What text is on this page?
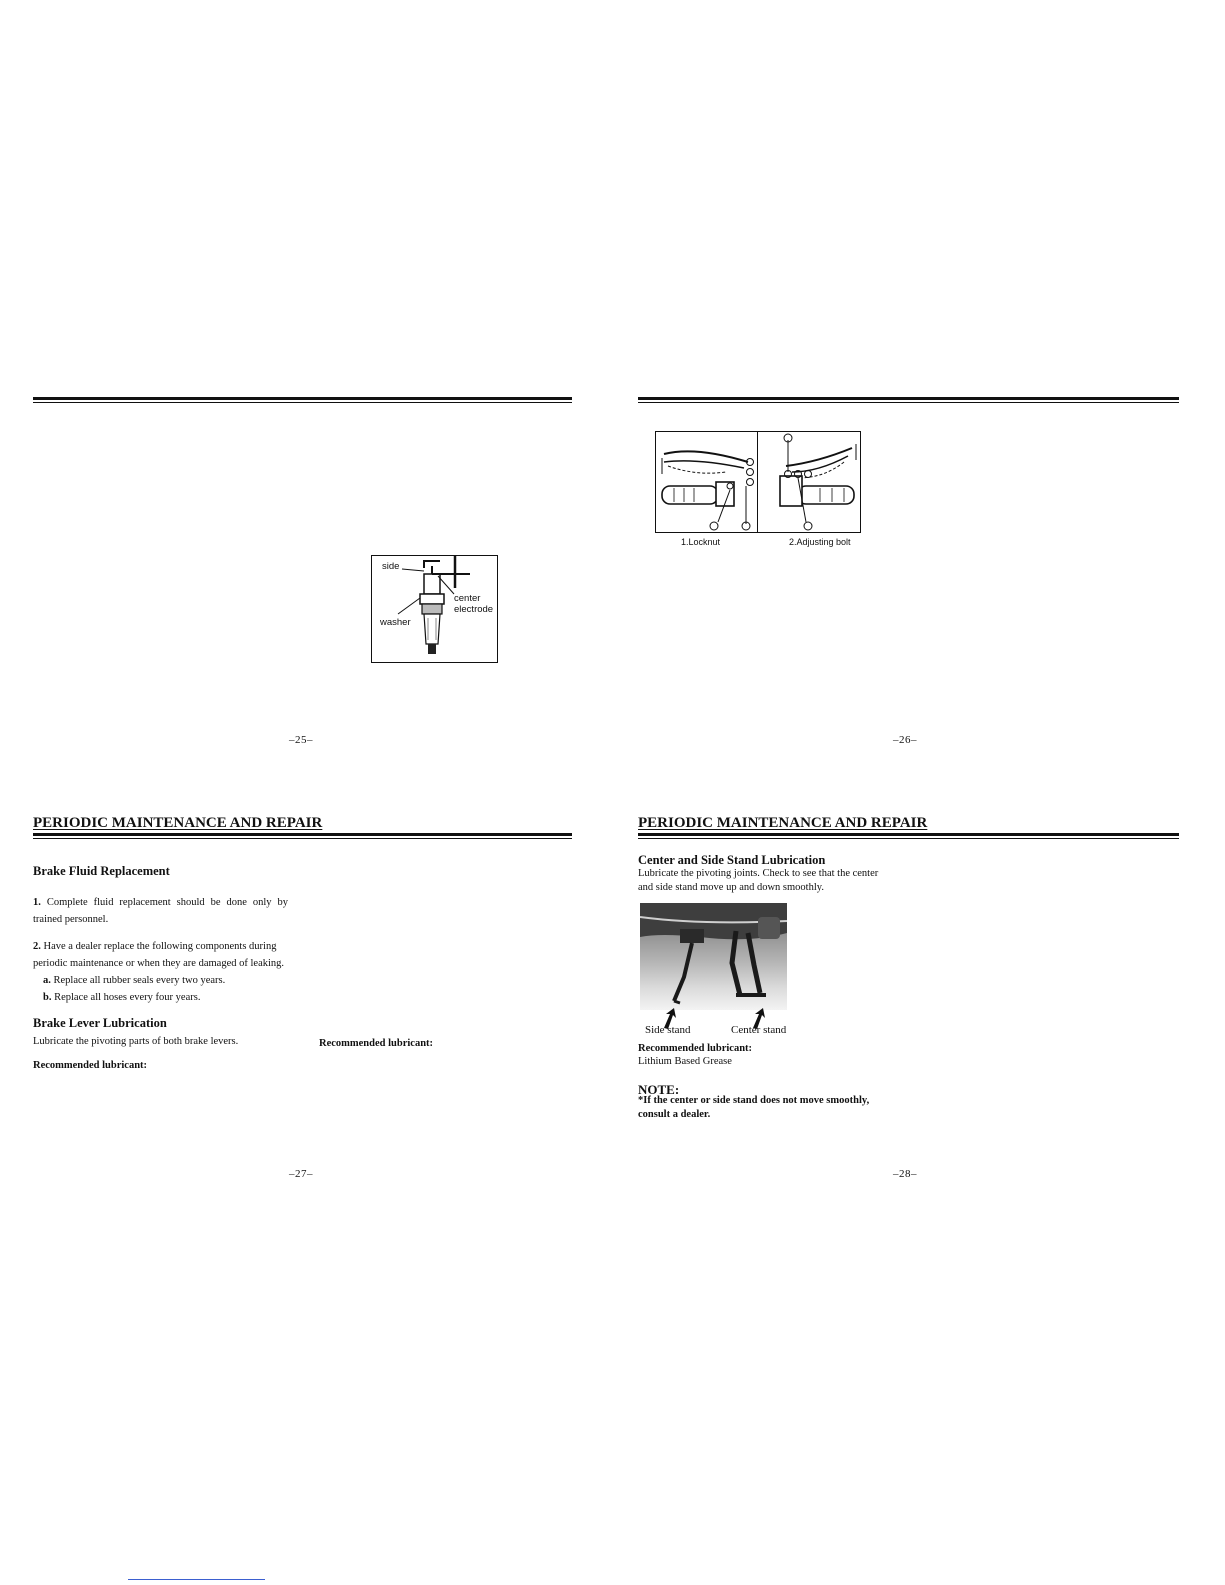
side
center
electrode
washer
–25–
1.Locknut	2.Adjusting bolt
–26–
PERIODIC MAINTENANCE AND REPAIR
Brake Fluid Replacement
1. Complete fluid replacement should be done only by
trained personnel.
2. Have a dealer replace the following components during
periodic maintenance or when they are damaged of leaking.
a. Replace all rubber seals every two years.
b. Replace all hoses every four years.
Brake Lever Lubrication
Lubricate the pivoting parts of both brake levers.
Recommended lubricant:
Recommended lubricant:
–27–
PERIODIC MAINTENANCE AND REPAIR
Center and Side Stand Lubrication
Lubricate the pivoting joints. Check to see that the center
and side stand move up and down smoothly.
Side stand	Center stand
Recommended lubricant:
Lithium Based Grease
NOTE:
*If the center or side stand does not move smoothly,
consult a dealer.
–28–
